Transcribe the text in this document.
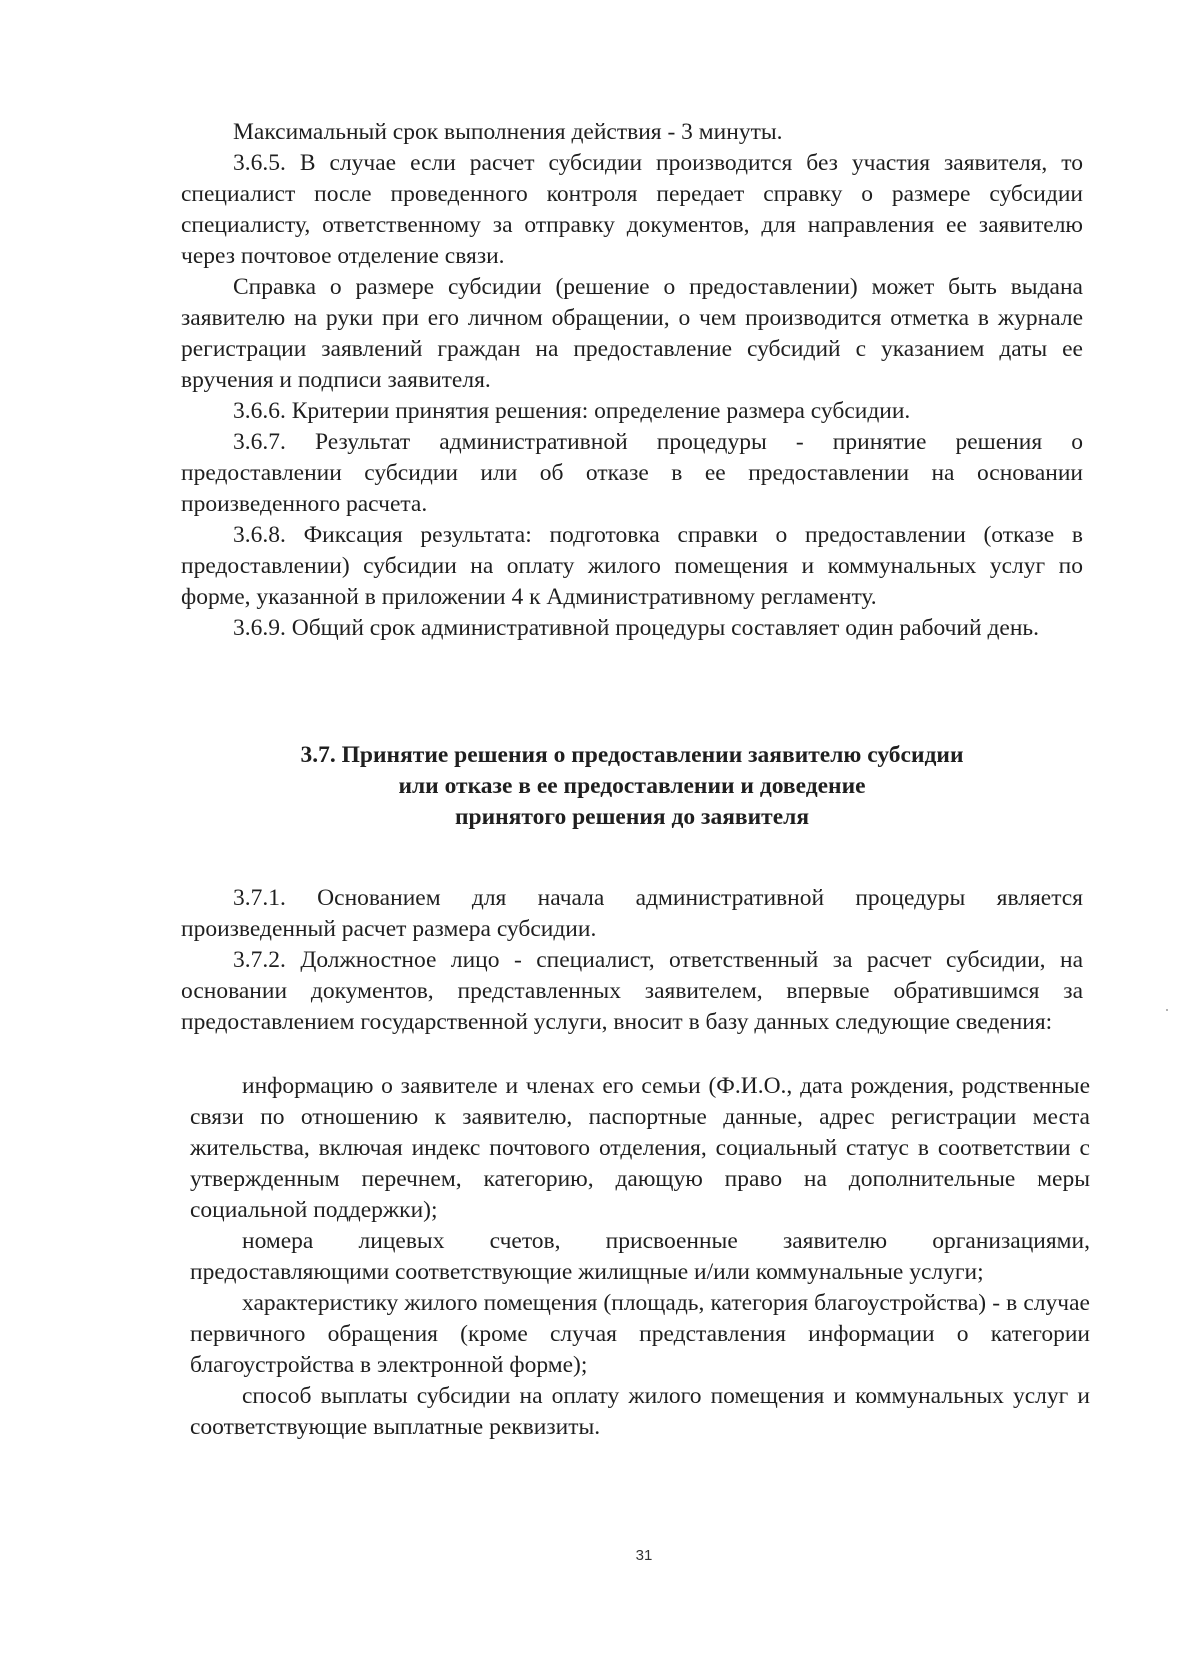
Максимальный срок выполнения действия - 3 минуты.

3.6.5. В случае если расчет субсидии производится без участия заявителя, то специалист после проведенного контроля передает справку о размере субсидии специалисту, ответственному за отправку документов, для направления ее заявителю через почтовое отделение связи.

Справка о размере субсидии (решение о предоставлении) может быть выдана заявителю на руки при его личном обращении, о чем производится отметка в журнале регистрации заявлений граждан на предоставление субсидий с указанием даты ее вручения и подписи заявителя.

3.6.6. Критерии принятия решения: определение размера субсидии.

3.6.7. Результат административной процедуры - принятие решения о предоставлении субсидии или об отказе в ее предоставлении на основании произведенного расчета.

3.6.8. Фиксация результата: подготовка справки о предоставлении (отказе в предоставлении) субсидии на оплату жилого помещения и коммунальных услуг по форме, указанной в приложении 4 к Административному регламенту.

3.6.9. Общий срок административной процедуры составляет один рабочий день.

3.7. Принятие решения о предоставлении заявителю субсидии
или отказе в ее предоставлении и доведение
принятого решения до заявителя

3.7.1. Основанием для начала административной процедуры является произведенный расчет размера субсидии.

3.7.2. Должностное лицо - специалист, ответственный за расчет субсидии, на основании документов, представленных заявителем, впервые обратившимся за предоставлением государственной услуги, вносит в базу данных следующие сведения:

информацию о заявителе и членах его семьи (Ф.И.О., дата рождения, родственные связи по отношению к заявителю, паспортные данные, адрес регистрации места жительства, включая индекс почтового отделения, социальный статус в соответствии с утвержденным перечнем, категорию, дающую право на дополнительные меры социальной поддержки);

номера лицевых счетов, присвоенные заявителю организациями, предоставляющими соответствующие жилищные и/или коммунальные услуги;

характеристику жилого помещения (площадь, категория благоустройства) - в случае первичного обращения (кроме случая представления информации о категории благоустройства в электронной форме);

способ выплаты субсидии на оплату жилого помещения и коммунальных услуг и соответствующие выплатные реквизиты.

31
